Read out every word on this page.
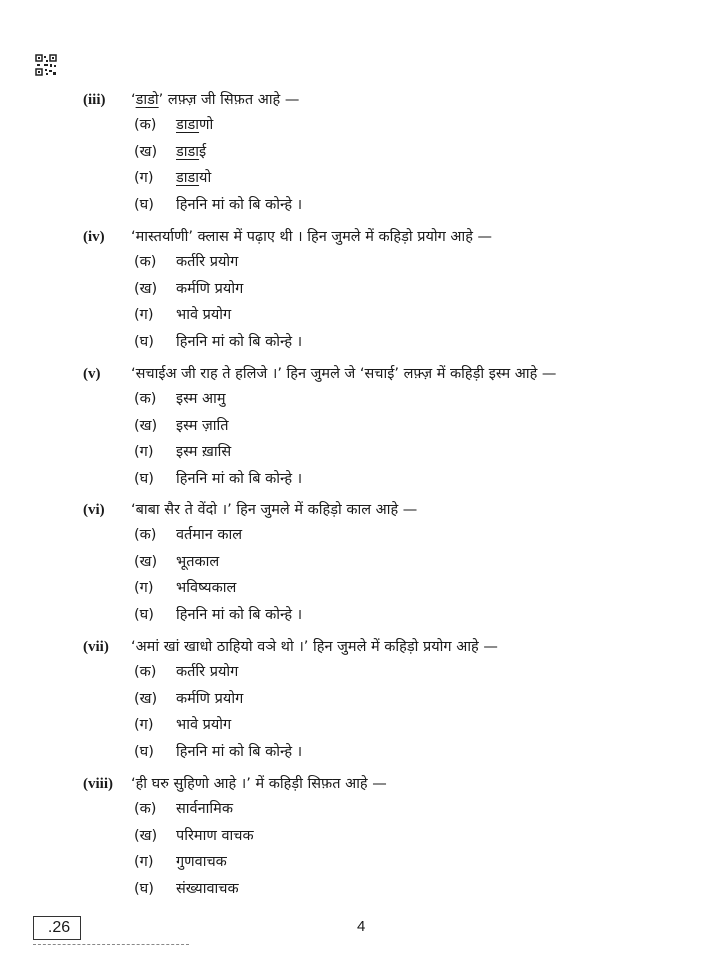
(iii)	‘डड’ लफ़्ज़ जी सिफ़त आहे —
(क) डडाणो
(ख) डडाई
(ग) डडायो
(घ) हिननि मां को बि कोन्हे ।
(iv)	‘मास्तर्याणी’ क्लास में पढ़ाए थी । हिन जुमले में कहिड़ो प्रयोग आहे —
(क) कर्तरि प्रयोग
(ख) कर्मणि प्रयोग
(ग) भावे प्रयोग
(घ) हिननि मां को बि कोन्हे ।
(v)	‘सचाईअ जी राह ते हलिजे ।’ हिन जुमले जे ‘सचाई’ लफ़्ज़ में कहिड़ी इस्म आहे —
(क) इस्म आमु
(ख) इस्म ज़ाति
(ग) इस्म ख़ासि
(घ) हिननि मां को बि कोन्हे ।
(vi)	‘बाबा सैर ते वेंदो ।’ हिन जुमले में कहिड़ो काल आहे —
(क) वर्तमान काल
(ख) भूतकाल
(ग) भविष्यकाल
(घ) हिननि मां को बि कोन्हे ।
(vii)	‘अमां खां खाधो ठाहियो वञे थो ।’ हिन जुमले में कहिड़ो प्रयोग आहे —
(क) कर्तरि प्रयोग
(ख) कर्मणि प्रयोग
(ग) भावे प्रयोग
(घ) हिननि मां को बि कोन्हे ।
(viii)	‘ही घरु सुहिणो आहे ।’ में कहिड़ी सिफ़त आहे —
(क) सार्वनामिक
(ख) परिमाण वाचक
(ग) गुणवाचक
(घ) संख्यावाचक
.26	4
